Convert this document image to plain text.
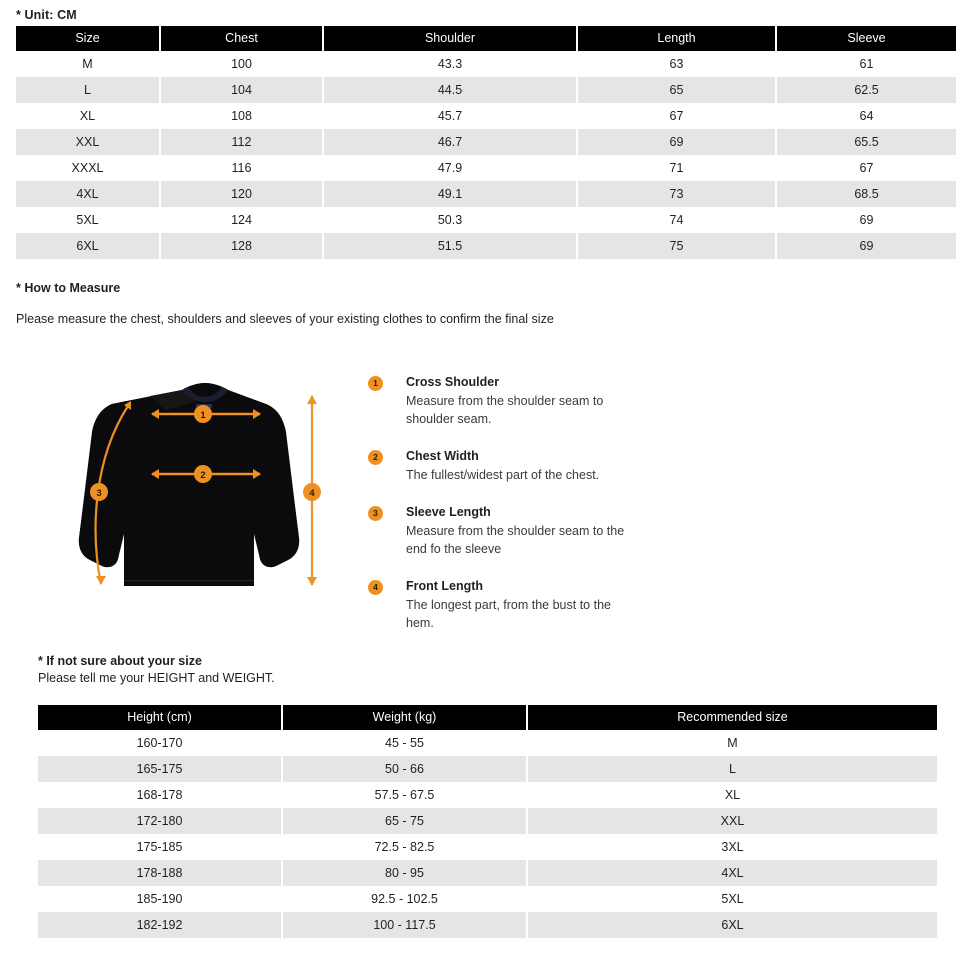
* Unit: CM
Size	Chest	Shoulder	Length	Sleeve
M	100	43.3	63	61
L	104	44.5	65	62.5
XL	108	45.7	67	64
XXL	112	46.7	69	65.5
XXXL	116	47.9	71	67
4XL	120	49.1	73	68.5
5XL	124	50.3	74	69
6XL	128	51.5	75	69
* How to Measure
Please measure the chest, shoulders and sleeves of your existing clothes to confirm the final size
1
2
3	4
1	Cross Shoulder
Measure from the shoulder seam to shoulder seam.
2	Chest Width
The fullest/widest part of the chest.
3	Sleeve Length
Measure from the shoulder seam to the end fo the sleeve
4	Front Length
The longest part, from the bust to the hem.
* If not sure about your size
Please tell me your HEIGHT and WEIGHT.
Height (cm)	Weight (kg)	Recommended size
160-170	45 - 55	M
165-175	50 - 66	L
168-178	57.5 - 67.5	XL
172-180	65 - 75	XXL
175-185	72.5 - 82.5	3XL
178-188	80 - 95	4XL
185-190	92.5 - 102.5	5XL
182-192	100 - 117.5	6XL
